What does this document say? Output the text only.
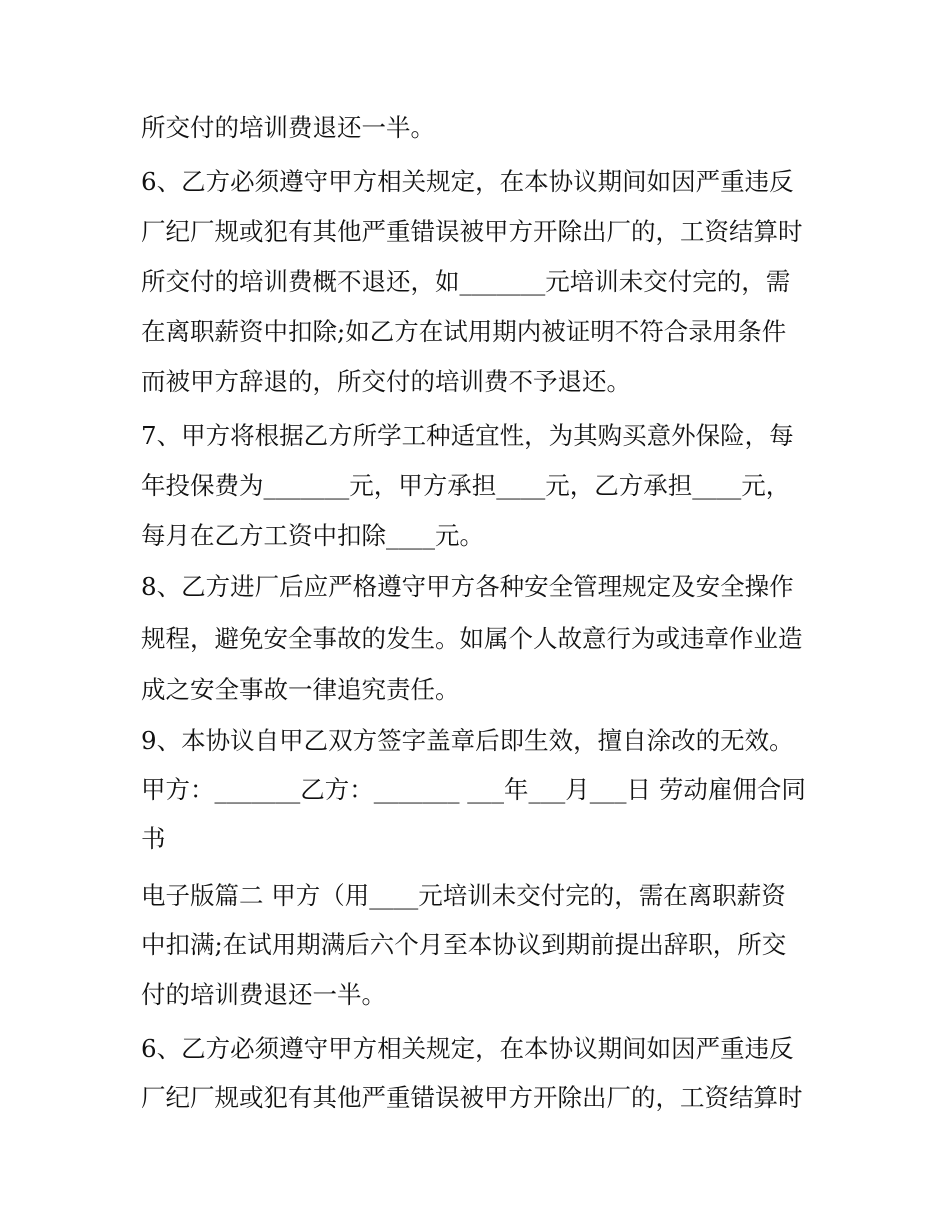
所交付的培训费退还一半。
6、乙方必须遵守甲方相关规定，在本协议期间如因严重违反
厂纪厂规或犯有其他严重错误被甲方开除出厂的，工资结算时
所交付的培训费概不退还，如_______元培训未交付完的，需
在离职薪资中扣除;如乙方在试用期内被证明不符合录用条件
而被甲方辞退的，所交付的培训费不予退还。
7、甲方将根据乙方所学工种适宜性，为其购买意外保险，每
年投保费为_______元，甲方承担____元，乙方承担____元，
每月在乙方工资中扣除____元。
8、乙方进厂后应严格遵守甲方各种安全管理规定及安全操作
规程，避免安全事故的发生。如属个人故意行为或违章作业造
成之安全事故一律追究责任。
9、本协议自甲乙双方签字盖章后即生效，擅自涂改的无效。
甲方：_______乙方：_______ ___年___月___日 劳动雇佣合同
书
电子版篇二 甲方（用____元培训未交付完的，需在离职薪资
中扣满;在试用期满后六个月至本协议到期前提出辞职，所交
付的培训费退还一半。
6、乙方必须遵守甲方相关规定，在本协议期间如因严重违反
厂纪厂规或犯有其他严重错误被甲方开除出厂的，工资结算时
